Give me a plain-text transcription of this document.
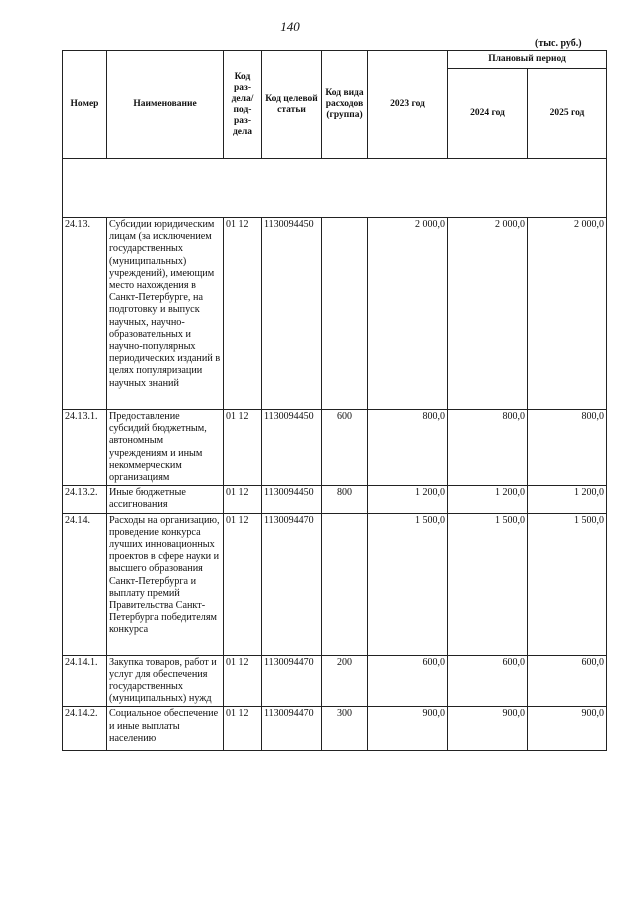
140
(тыс. руб.)
Номер	Наименование	Код раз- дела/ под- раз- дела	Код целевой статьи	Код вида расходов (группа)	2023 год	Плановый период	
						2024 год	2025 год

24.13.	Субсидии юридическим лицам (за исключением государственных (муниципальных) учреждений), имеющим место нахождения в Санкт-Петербурге, на подготовку и выпуск научных, научно-образовательных и научно-популярных периодических изданий в целях популяризации научных знаний	01 12	1130094450		2 000,0	2 000,0	2 000,0
24.13.1.	Предоставление субсидий бюджетным, автономным учреждениям и иным некоммерческим организациям	01 12	1130094450	600	800,0	800,0	800,0
24.13.2.	Иные бюджетные ассигнования	01 12	1130094450	800	1 200,0	1 200,0	1 200,0
24.14.	Расходы на организацию, проведение конкурса лучших инновационных проектов в сфере науки и высшего образования Санкт-Петербурга и выплату премий Правительства Санкт-Петербурга победителям конкурса	01 12	1130094470		1 500,0	1 500,0	1 500,0
24.14.1.	Закупка товаров, работ и услуг для обеспечения государственных (муниципальных) нужд	01 12	1130094470	200	600,0	600,0	600,0
24.14.2.	Социальное обеспечение и иные выплаты населению	01 12	1130094470	300	900,0	900,0	900,0
